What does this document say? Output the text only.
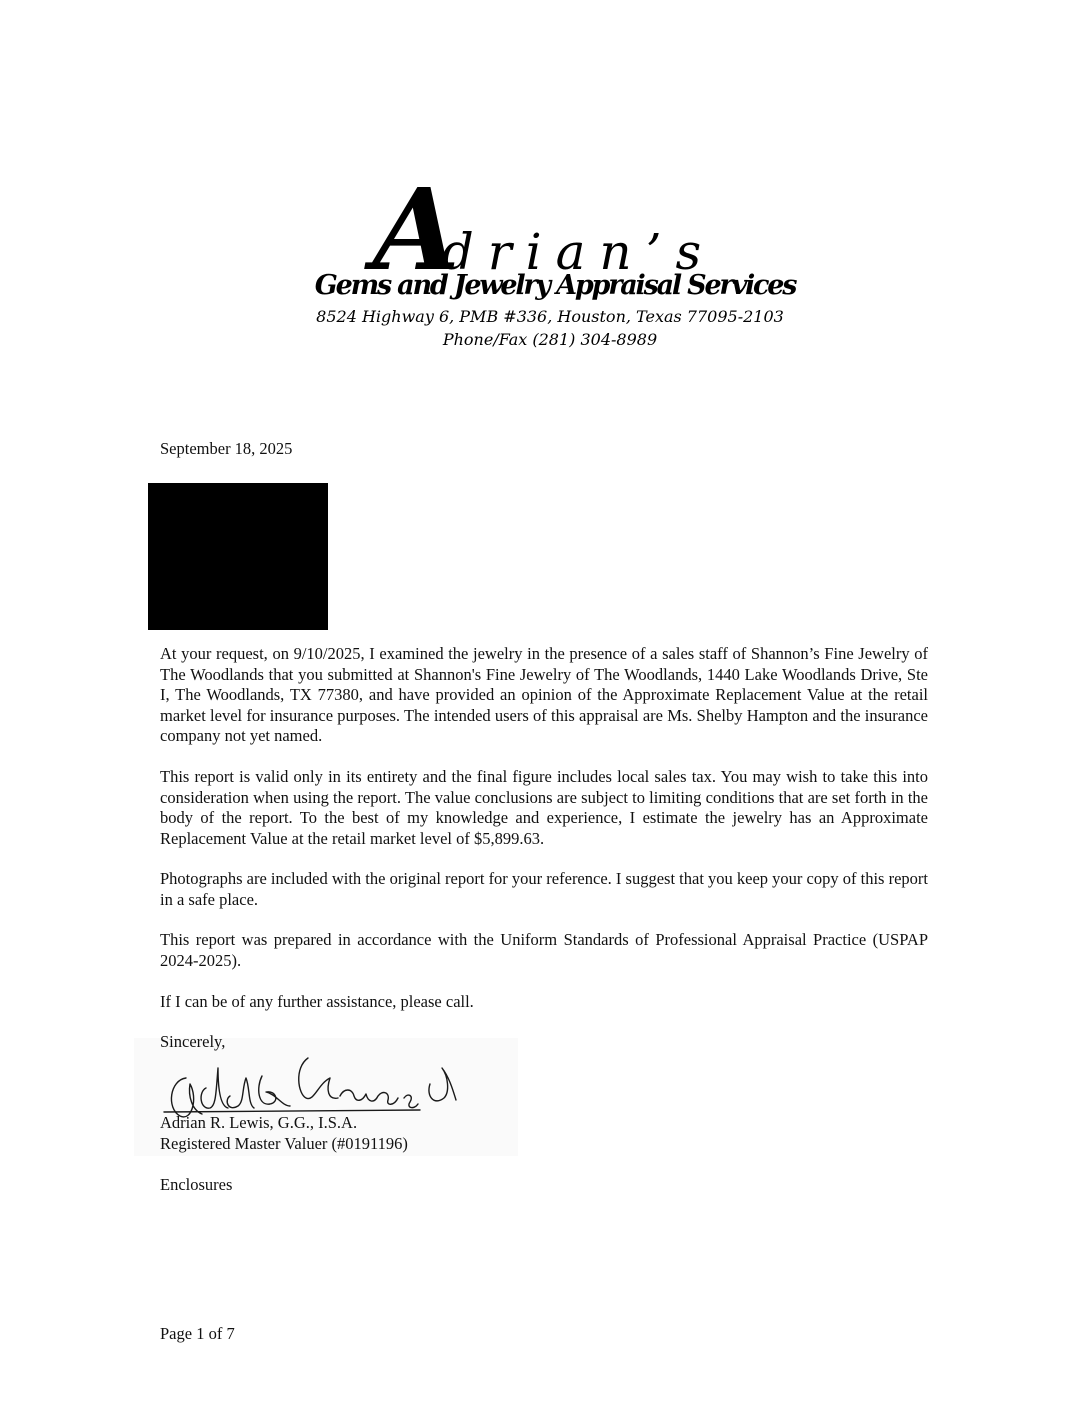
Adrian’s
Gems and Jewelry Appraisal Services
8524 Highway 6, PMB #336, Houston, Texas 77095-2103
Phone/Fax (281) 304-8989
September 18, 2025

At your request, on 9/10/2025, I examined the jewelry in the presence of a sales staff of Shannon’s Fine Jewelry of The Woodlands that you submitted at Shannon's Fine Jewelry of The Woodlands, 1440 Lake Woodlands Drive, Ste I, The Woodlands, TX 77380, and have provided an opinion of the Approximate Replacement Value at the retail market level for insurance purposes. The intended users of this appraisal are Ms. Shelby Hampton and the insurance company not yet named.

This report is valid only in its entirety and the final figure includes local sales tax. You may wish to take this into consideration when using the report. The value conclusions are subject to limiting conditions that are set forth in the body of the report. To the best of my knowledge and experience, I estimate the jewelry has an Approximate Replacement Value at the retail market level of $5,899.63.

Photographs are included with the original report for your reference. I suggest that you keep your copy of this report in a safe place.

This report was prepared in accordance with the Uniform Standards of Professional Appraisal Practice (USPAP 2024-2025).

If I can be of any further assistance, please call.

Sincerely,
Adrian R. Lewis, G.G., I.S.A.
Registered Master Valuer (#0191196)
Enclosures
Page 1 of 7
